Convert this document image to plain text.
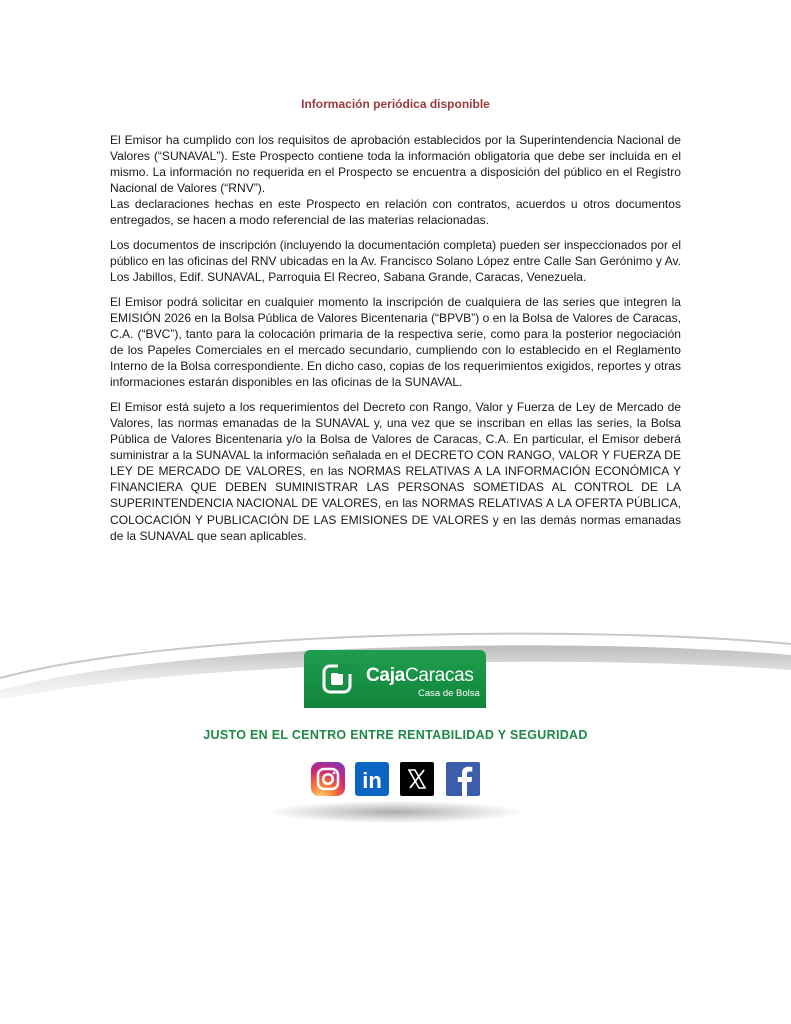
Información periódica disponible

El Emisor ha cumplido con los requisitos de aprobación establecidos por la Superintendencia Nacional de Valores (“SUNAVAL”). Este Prospecto contiene toda la información obligatoria que debe ser incluida en el mismo. La información no requerida en el Prospecto se encuentra a disposición del público en el Registro Nacional de Valores (“RNV”).

Las declaraciones hechas en este Prospecto en relación con contratos, acuerdos u otros documentos entregados, se hacen a modo referencial de las materias relacionadas.

Los documentos de inscripción (incluyendo la documentación completa) pueden ser inspeccionados por el público en las oficinas del RNV ubicadas en la Av. Francisco Solano López entre Calle San Gerónimo y Av. Los Jabillos, Edif. SUNAVAL, Parroquia El Recreo, Sabana Grande, Caracas, Venezuela.

El Emisor podrá solicitar en cualquier momento la inscripción de cualquiera de las series que integren la EMISIÓN 2026 en la Bolsa Pública de Valores Bicentenaria (“BPVB”) o en la Bolsa de Valores de Caracas, C.A. (“BVC”), tanto para la colocación primaria de la respectiva serie, como para la posterior negociación de los Papeles Comerciales en el mercado secundario, cumpliendo con lo establecido en el Reglamento Interno de la Bolsa correspondiente. En dicho caso, copias de los requerimientos exigidos, reportes y otras informaciones estarán disponibles en las oficinas de la SUNAVAL.

El Emisor está sujeto a los requerimientos del Decreto con Rango, Valor y Fuerza de Ley de Mercado de Valores, las normas emanadas de la SUNAVAL y, una vez que se inscriban en ellas las series, la Bolsa Pública de Valores Bicentenaria y/o la Bolsa de Valores de Caracas, C.A. En particular, el Emisor deberá suministrar a la SUNAVAL la información señalada en el DECRETO CON RANGO, VALOR Y FUERZA DE LEY DE MERCADO DE VALORES, en las NORMAS RELATIVAS A LA INFORMACIÓN ECONÓMICA Y FINANCIERA QUE DEBEN SUMINISTRAR LAS PERSONAS SOMETIDAS AL CONTROL DE LA SUPERINTENDENCIA NACIONAL DE VALORES, en las NORMAS RELATIVAS A LA OFERTA PÚBLICA, COLOCACIÓN Y PUBLICACIÓN DE LAS EMISIONES DE VALORES y en las demás normas emanadas de la SUNAVAL que sean aplicables.

CajaCaracas
Casa de Bolsa
JUSTO EN EL CENTRO ENTRE RENTABILIDAD Y SEGURIDAD
in
